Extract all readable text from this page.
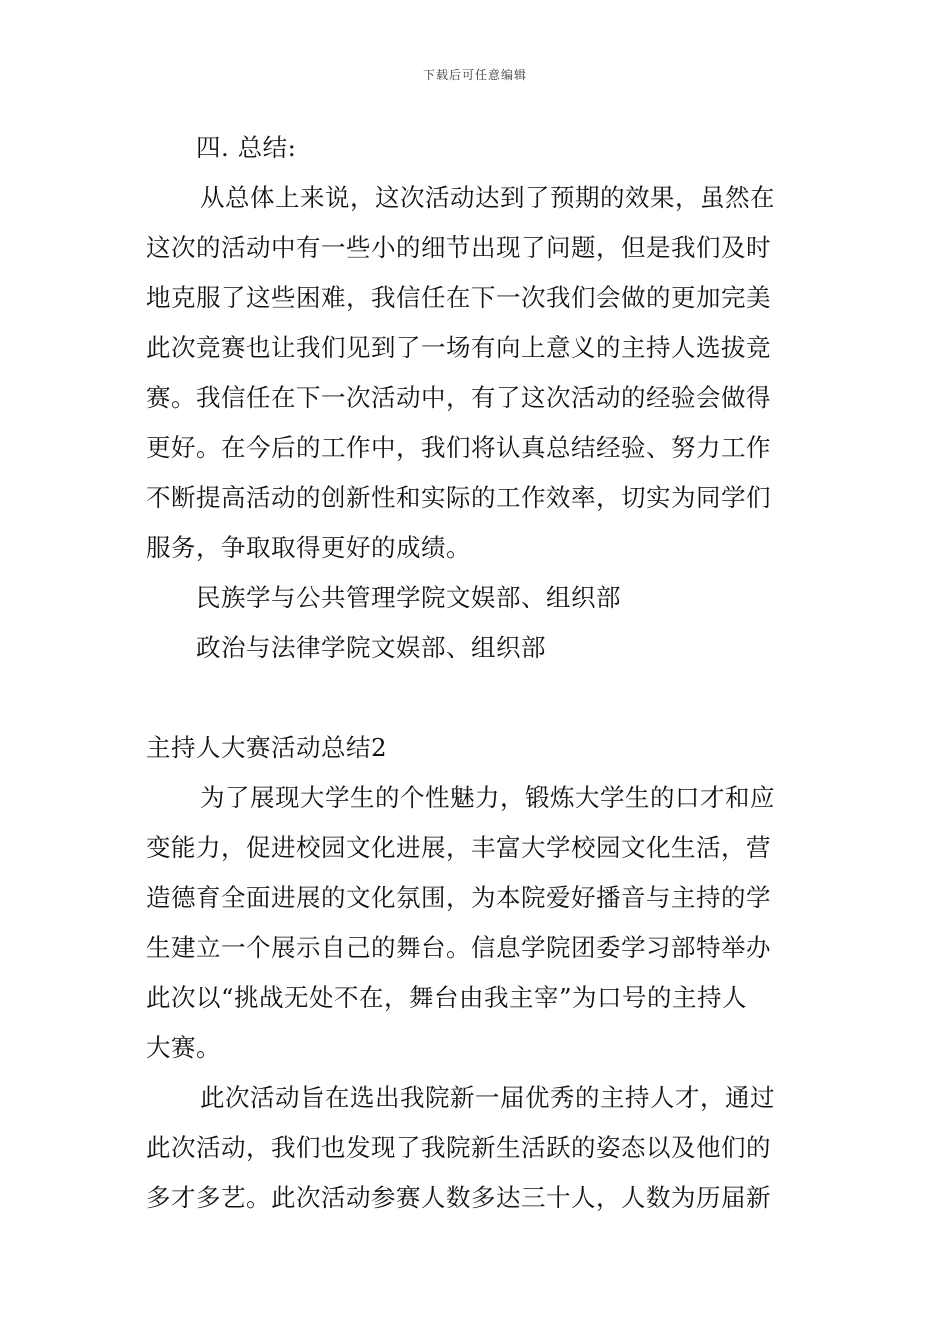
下载后可任意编辑
四. 总结:
从总体上来说，这次活动达到了预期的效果，虽然在
这次的活动中有一些小的细节出现了问题，但是我们及时
地克服了这些困难，我信任在下一次我们会做的更加完美
此次竞赛也让我们见到了一场有向上意义的主持人选拔竞
赛。我信任在下一次活动中，有了这次活动的经验会做得
更好。在今后的工作中，我们将认真总结经验、努力工作
不断提高活动的创新性和实际的工作效率，切实为同学们
服务，争取取得更好的成绩。
民族学与公共管理学院文娱部、组织部
政治与法律学院文娱部、组织部
主持人大赛活动总结2
为了展现大学生的个性魅力，锻炼大学生的口才和应
变能力，促进校园文化进展，丰富大学校园文化生活，营
造德育全面进展的文化氛围，为本院爱好播音与主持的学
生建立一个展示自己的舞台。信息学院团委学习部特举办
此次以“挑战无处不在，舞台由我主宰”为口号的主持人
大赛。
此次活动旨在选出我院新一届优秀的主持人才，通过
此次活动，我们也发现了我院新生活跃的姿态以及他们的
多才多艺。此次活动参赛人数多达三十人，人数为历届新
